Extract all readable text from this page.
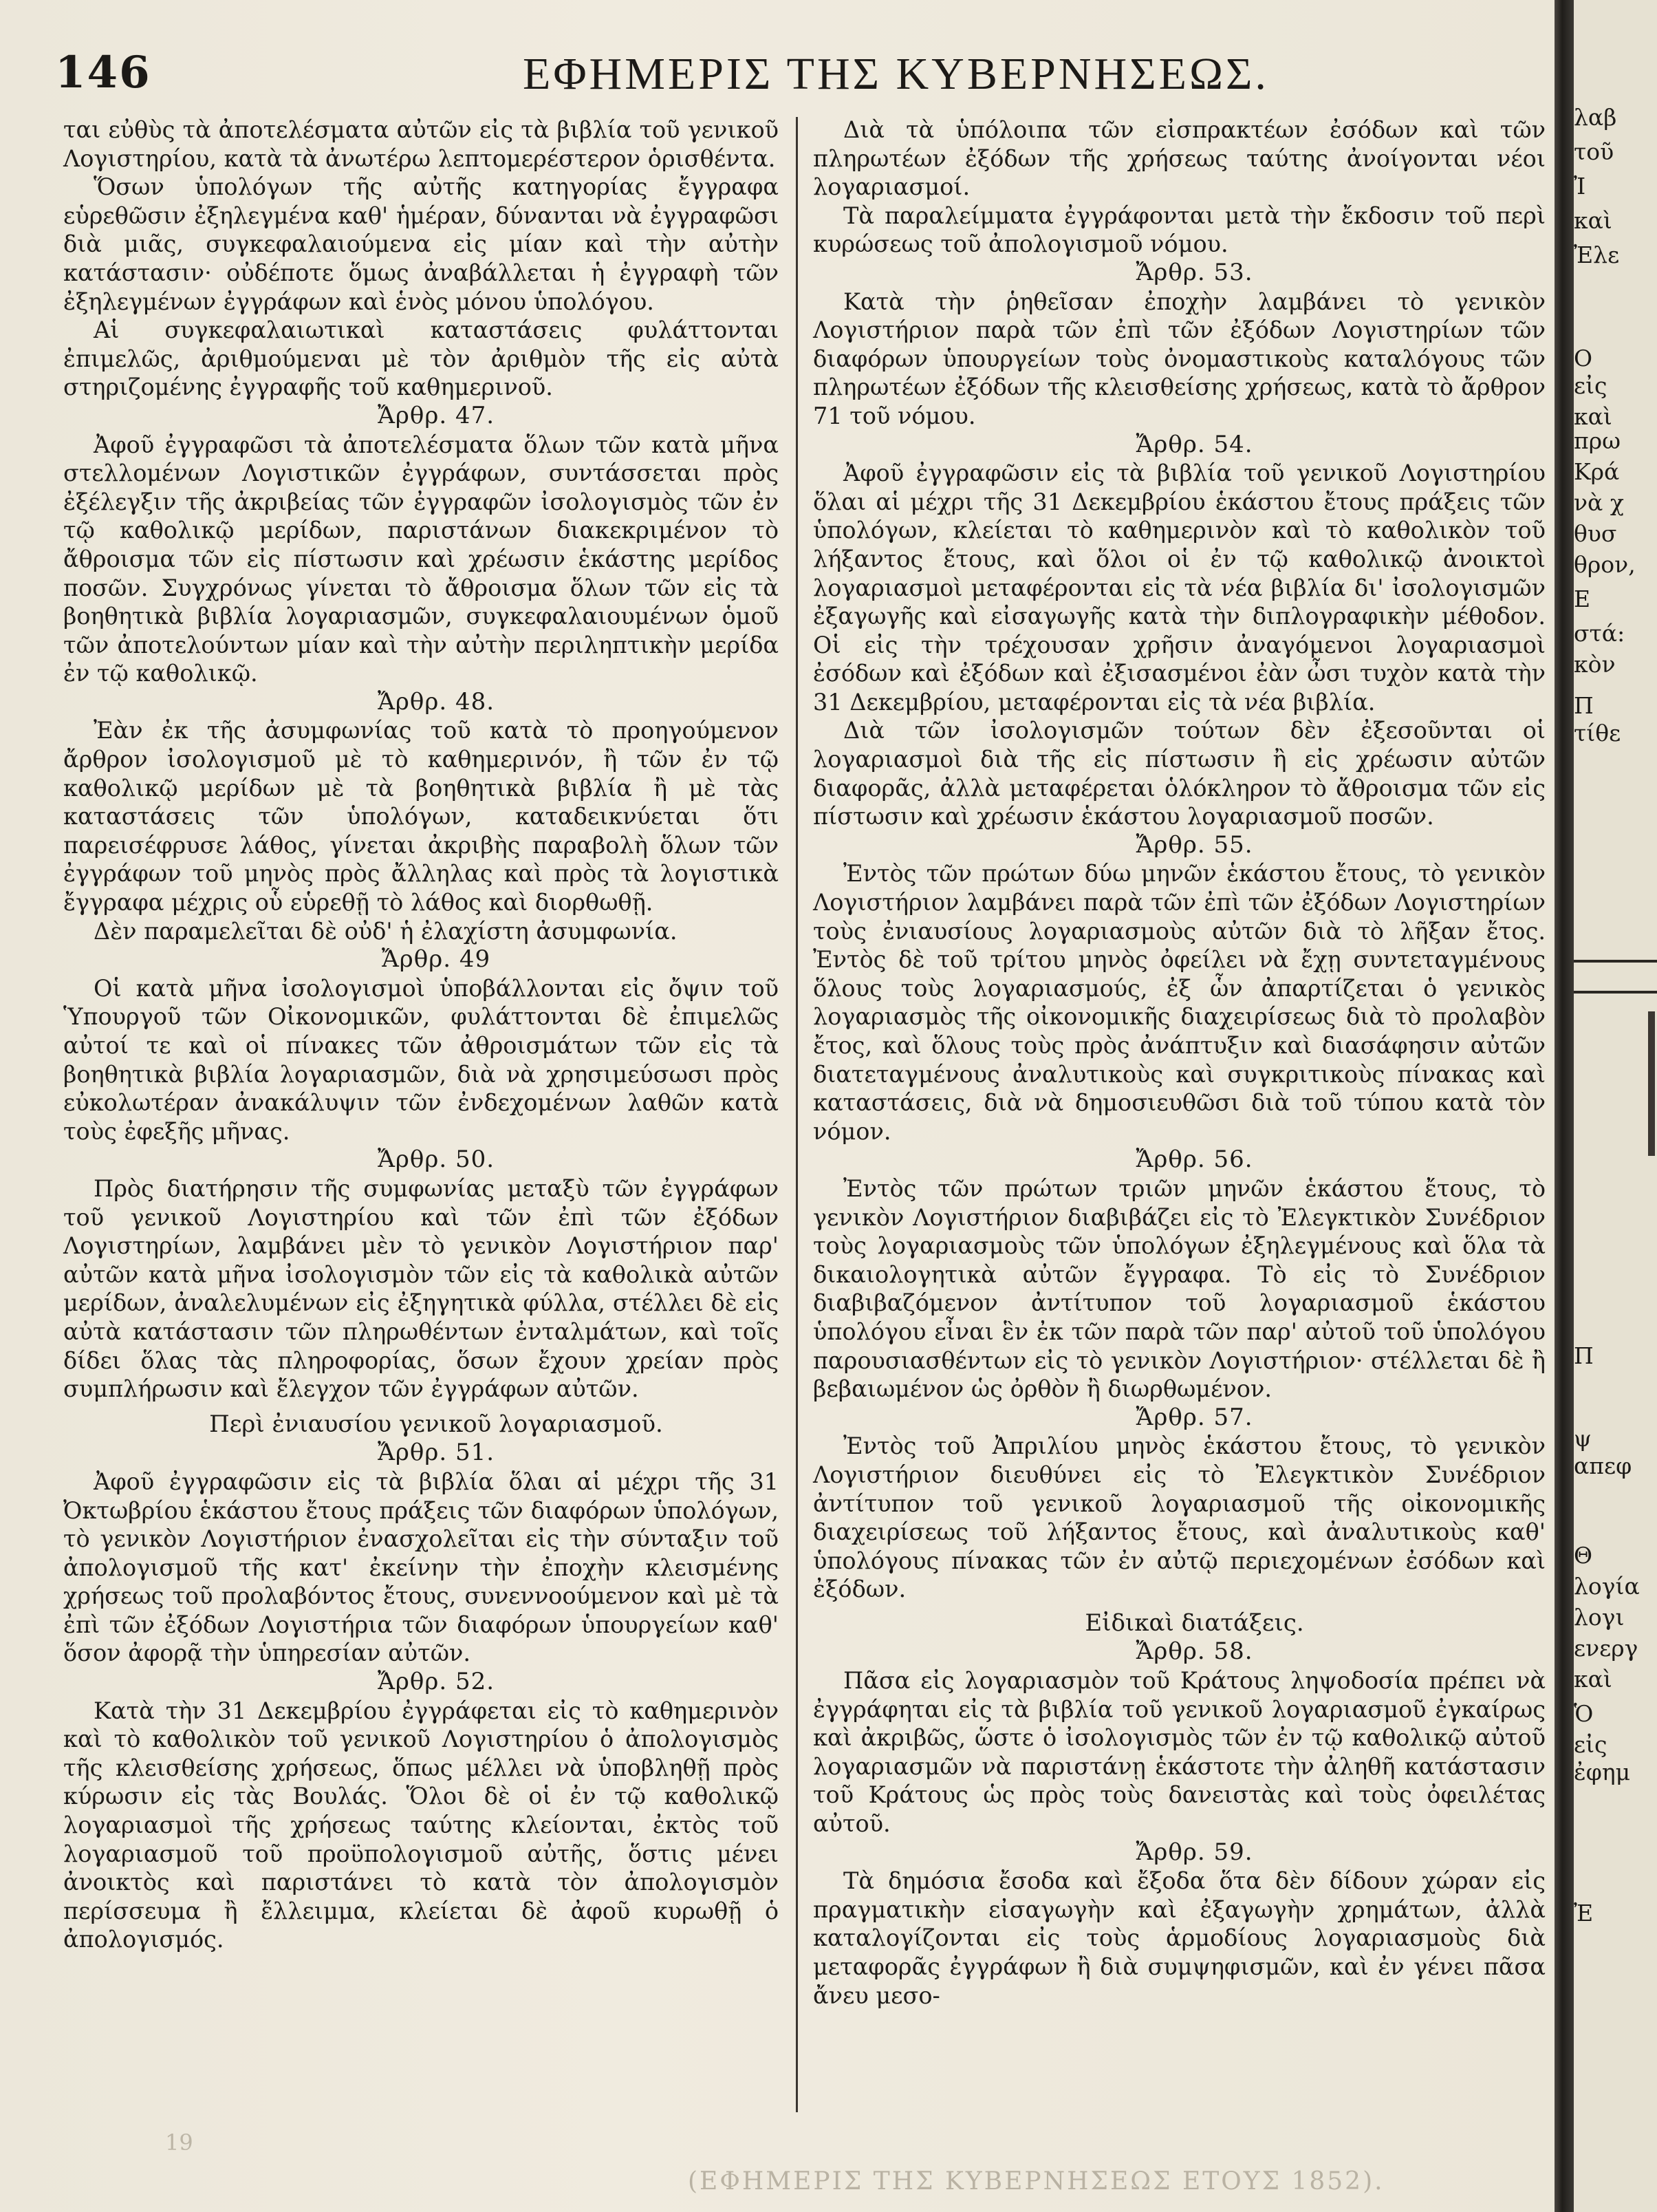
146	ΕΦΗΜΕΡΙΣ ΤΗΣ ΚΥΒΕΡΝΗΣΕΩΣ.

ται εὐθὺς τὰ ἀποτελέσματα αὐτῶν εἰς τὰ βιβλία τοῦ γενικοῦ Λογιστηρίου, κατὰ τὰ ἀνωτέρω λεπτομερέστερον ὁρισθέντα.

Ὅσων ὑπολόγων τῆς αὐτῆς κατηγορίας ἔγγραφα εὑρεθῶσιν ἐξηλεγμένα καθ' ἡμέραν, δύνανται νὰ ἐγγραφῶσι διὰ μιᾶς, συγκεφαλαιούμενα εἰς μίαν καὶ τὴν αὐτὴν κατάστασιν· οὐδέποτε ὅμως ἀναβάλλεται ἡ ἐγγραφὴ τῶν ἐξηλεγμένων ἐγγράφων καὶ ἑνὸς μόνου ὑπολόγου.

Αἱ συγκεφαλαιωτικαὶ καταστάσεις φυλάττονται ἐπιμελῶς, ἀριθμούμεναι μὲ τὸν ἀριθμὸν τῆς εἰς αὐτὰ στηριζομένης ἐγγραφῆς τοῦ καθημερινοῦ.

Ἄρθρ. 47.

Ἀφοῦ ἐγγραφῶσι τὰ ἀποτελέσματα ὅλων τῶν κατὰ μῆνα στελλομένων Λογιστικῶν ἐγγράφων, συντάσσεται πρὸς ἐξέλεγξιν τῆς ἀκριβείας τῶν ἐγγραφῶν ἰσολογισμὸς τῶν ἐν τῷ καθολικῷ μερίδων, παριστάνων διακεκριμένον τὸ ἄθροισμα τῶν εἰς πίστωσιν καὶ χρέωσιν ἑκάστης μερίδος ποσῶν. Συγχρόνως γίνεται τὸ ἄθροισμα ὅλων τῶν εἰς τὰ βοηθητικὰ βιβλία λογαριασμῶν, συγκεφαλαιουμένων ὁμοῦ τῶν ἀποτελούντων μίαν καὶ τὴν αὐτὴν περιληπτικὴν μερίδα ἐν τῷ καθολικῷ.

Ἄρθρ. 48.

Ἐὰν ἐκ τῆς ἀσυμφωνίας τοῦ κατὰ τὸ προηγούμενον ἄρθρον ἰσολογισμοῦ μὲ τὸ καθημερινόν, ἢ τῶν ἐν τῷ καθολικῷ μερίδων μὲ τὰ βοηθητικὰ βιβλία ἢ μὲ τὰς καταστάσεις τῶν ὑπολόγων, καταδεικνύεται ὅτι παρεισέφρυσε λάθος, γίνεται ἀκριβὴς παραβολὴ ὅλων τῶν ἐγγράφων τοῦ μηνὸς πρὸς ἄλληλας καὶ πρὸς τὰ λογιστικὰ ἔγγραφα μέχρις οὗ εὑρεθῇ τὸ λάθος καὶ διορθωθῇ.

Δὲν παραμελεῖται δὲ οὐδ' ἡ ἐλαχίστη ἀσυμφωνία.

Ἄρθρ. 49

Οἱ κατὰ μῆνα ἰσολογισμοὶ ὑποβάλλονται εἰς ὄψιν τοῦ Ὑπουργοῦ τῶν Οἰκονομικῶν, φυλάττονται δὲ ἐπιμελῶς αὐτοί τε καὶ οἱ πίνακες τῶν ἀθροισμάτων τῶν εἰς τὰ βοηθητικὰ βιβλία λογαριασμῶν, διὰ νὰ χρησιμεύσωσι πρὸς εὐκολωτέραν ἀνακάλυψιν τῶν ἐνδεχομένων λαθῶν κατὰ τοὺς ἐφεξῆς μῆνας.

Ἄρθρ. 50.

Πρὸς διατήρησιν τῆς συμφωνίας μεταξὺ τῶν ἐγγράφων τοῦ γενικοῦ Λογιστηρίου καὶ τῶν ἐπὶ τῶν ἐξόδων Λογιστηρίων, λαμβάνει μὲν τὸ γενικὸν Λογιστήριον παρ' αὐτῶν κατὰ μῆνα ἰσολογισμὸν τῶν εἰς τὰ καθολικὰ αὐτῶν μερίδων, ἀναλελυμένων εἰς ἐξηγητικὰ φύλλα, στέλλει δὲ εἰς αὐτὰ κατάστασιν τῶν πληρωθέντων ἐνταλμάτων, καὶ τοῖς δίδει ὅλας τὰς πληροφορίας, ὅσων ἔχουν χρείαν πρὸς συμπλήρωσιν καὶ ἔλεγχον τῶν ἐγγράφων αὐτῶν.

Περὶ ἐνιαυσίου γενικοῦ λογαριασμοῦ.

Ἄρθρ. 51.

Ἀφοῦ ἐγγραφῶσιν εἰς τὰ βιβλία ὅλαι αἱ μέχρι τῆς 31 Ὀκτωβρίου ἑκάστου ἔτους πράξεις τῶν διαφόρων ὑπολόγων, τὸ γενικὸν Λογιστήριον ἐνασχολεῖται εἰς τὴν σύνταξιν τοῦ ἀπολογισμοῦ τῆς κατ' ἐκείνην τὴν ἐποχὴν κλεισμένης χρήσεως τοῦ προλαβόντος ἔτους, συνεννοούμενον καὶ μὲ τὰ ἐπὶ τῶν ἐξόδων Λογιστήρια τῶν διαφόρων ὑπουργείων καθ' ὅσον ἀφορᾷ τὴν ὑπηρεσίαν αὐτῶν.

Ἄρθρ. 52.

Κατὰ τὴν 31 Δεκεμβρίου ἐγγράφεται εἰς τὸ καθημερινὸν καὶ τὸ καθολικὸν τοῦ γενικοῦ Λογιστηρίου ὁ ἀπολογισμὸς τῆς κλεισθείσης χρήσεως, ὅπως μέλλει νὰ ὑποβληθῇ πρὸς κύρωσιν εἰς τὰς Βουλάς. Ὅλοι δὲ οἱ ἐν τῷ καθολικῷ λογαριασμοὶ τῆς χρήσεως ταύτης κλείονται, ἐκτὸς τοῦ λογαριασμοῦ τοῦ προϋπολογισμοῦ αὐτῆς, ὅστις μένει ἀνοικτὸς καὶ παριστάνει τὸ κατὰ τὸν ἀπολογισμὸν περίσσευμα ἢ ἔλλειμμα, κλείεται δὲ ἀφοῦ κυρωθῇ ὁ ἀπολογισμός.

Διὰ τὰ ὑπόλοιπα τῶν εἰσπρακτέων ἐσόδων καὶ τῶν πληρωτέων ἐξόδων τῆς χρήσεως ταύτης ἀνοίγονται νέοι λογαριασμοί.

Τὰ παραλείμματα ἐγγράφονται μετὰ τὴν ἔκδοσιν τοῦ περὶ κυρώσεως τοῦ ἀπολογισμοῦ νόμου.

Ἄρθρ. 53.

Κατὰ τὴν ῥηθεῖσαν ἐποχὴν λαμβάνει τὸ γενικὸν Λογιστήριον παρὰ τῶν ἐπὶ τῶν ἐξόδων Λογιστηρίων τῶν διαφόρων ὑπουργείων τοὺς ὀνομαστικοὺς καταλόγους τῶν πληρωτέων ἐξόδων τῆς κλεισθείσης χρήσεως, κατὰ τὸ ἄρθρον 71 τοῦ νόμου.

Ἄρθρ. 54.

Ἀφοῦ ἐγγραφῶσιν εἰς τὰ βιβλία τοῦ γενικοῦ Λογιστηρίου ὅλαι αἱ μέχρι τῆς 31 Δεκεμβρίου ἑκάστου ἔτους πράξεις τῶν ὑπολόγων, κλείεται τὸ καθημερινὸν καὶ τὸ καθολικὸν τοῦ λήξαντος ἔτους, καὶ ὅλοι οἱ ἐν τῷ καθολικῷ ἀνοικτοὶ λογαριασμοὶ μεταφέρονται εἰς τὰ νέα βιβλία δι' ἰσολογισμῶν ἐξαγωγῆς καὶ εἰσαγωγῆς κατὰ τὴν διπλογραφικὴν μέθοδον. Οἱ εἰς τὴν τρέχουσαν χρῆσιν ἀναγόμενοι λογαριασμοὶ ἐσόδων καὶ ἐξόδων καὶ ἐξισασμένοι ἐὰν ὦσι τυχὸν κατὰ τὴν 31 Δεκεμβρίου, μεταφέρονται εἰς τὰ νέα βιβλία.

Διὰ τῶν ἰσολογισμῶν τούτων δὲν ἐξεσοῦνται οἱ λογαριασμοὶ διὰ τῆς εἰς πίστωσιν ἢ εἰς χρέωσιν αὐτῶν διαφορᾶς, ἀλλὰ μεταφέρεται ὁλόκληρον τὸ ἄθροισμα τῶν εἰς πίστωσιν καὶ χρέωσιν ἑκάστου λογαριασμοῦ ποσῶν.

Ἄρθρ. 55.

Ἐντὸς τῶν πρώτων δύω μηνῶν ἑκάστου ἔτους, τὸ γενικὸν Λογιστήριον λαμβάνει παρὰ τῶν ἐπὶ τῶν ἐξόδων Λογιστηρίων τοὺς ἐνιαυσίους λογαριασμοὺς αὐτῶν διὰ τὸ λῆξαν ἔτος. Ἐντὸς δὲ τοῦ τρίτου μηνὸς ὀφείλει νὰ ἔχῃ συντεταγμένους ὅλους τοὺς λογαριασμούς, ἐξ ὧν ἀπαρτίζεται ὁ γενικὸς λογαριασμὸς τῆς οἰκονομικῆς διαχειρίσεως διὰ τὸ προλαβὸν ἔτος, καὶ ὅλους τοὺς πρὸς ἀνάπτυξιν καὶ διασάφησιν αὐτῶν διατεταγμένους ἀναλυτικοὺς καὶ συγκριτικοὺς πίνακας καὶ καταστάσεις, διὰ νὰ δημοσιευθῶσι διὰ τοῦ τύπου κατὰ τὸν νόμον.

Ἄρθρ. 56.

Ἐντὸς τῶν πρώτων τριῶν μηνῶν ἑκάστου ἔτους, τὸ γενικὸν Λογιστήριον διαβιβάζει εἰς τὸ Ἐλεγκτικὸν Συνέδριον τοὺς λογαριασμοὺς τῶν ὑπολόγων ἐξηλεγμένους καὶ ὅλα τὰ δικαιολογητικὰ αὐτῶν ἔγγραφα. Τὸ εἰς τὸ Συνέδριον διαβιβαζόμενον ἀντίτυπον τοῦ λογαριασμοῦ ἑκάστου ὑπολόγου εἶναι ἓν ἐκ τῶν παρὰ τῶν παρ' αὐτοῦ τοῦ ὑπολόγου παρουσιασθέντων εἰς τὸ γενικὸν Λογιστήριον· στέλλεται δὲ ἢ βεβαιωμένον ὡς ὀρθὸν ἢ διωρθωμένον.

Ἄρθρ. 57.

Ἐντὸς τοῦ Ἀπριλίου μηνὸς ἑκάστου ἔτους, τὸ γενικὸν Λογιστήριον διευθύνει εἰς τὸ Ἐλεγκτικὸν Συνέδριον ἀντίτυπον τοῦ γενικοῦ λογαριασμοῦ τῆς οἰκονομικῆς διαχειρίσεως τοῦ λήξαντος ἔτους, καὶ ἀναλυτικοὺς καθ' ὑπολόγους πίνακας τῶν ἐν αὐτῷ περιεχομένων ἐσόδων καὶ ἐξόδων.

Εἰδικαὶ διατάξεις.

Ἄρθρ. 58.

Πᾶσα εἰς λογαριασμὸν τοῦ Κράτους ληψοδοσία πρέπει νὰ ἐγγράφηται εἰς τὰ βιβλία τοῦ γενικοῦ λογαριασμοῦ ἐγκαίρως καὶ ἀκριβῶς, ὥστε ὁ ἰσολογισμὸς τῶν ἐν τῷ καθολικῷ αὐτοῦ λογαριασμῶν νὰ παριστάνῃ ἑκάστοτε τὴν ἀληθῆ κατάστασιν τοῦ Κράτους ὡς πρὸς τοὺς δανειστὰς καὶ τοὺς ὀφειλέτας αὐτοῦ.

Ἄρθρ. 59.

Τὰ δημόσια ἔσοδα καὶ ἔξοδα ὅτα δὲν δίδουν χώραν εἰς πραγματικὴν εἰσαγωγὴν καὶ ἐξαγωγὴν χρημάτων, ἀλλὰ καταλογίζονται εἰς τοὺς ἁρμοδίους λογαριασμοὺς διὰ μεταφορᾶς ἐγγράφων ἢ διὰ συμψηφισμῶν, καὶ ἐν γένει πᾶσα ἄνευ μεσο-

19
(ΕΦΗΜΕΡΙΣ ΤΗΣ ΚΥΒΕΡΝΗΣΕΩΣ ΕΤΟΥΣ 1852).
λαβ
τοῦ
Ἰ
καὶ
Ἐλε
Ο
εἰς
καὶ
πρω
Κρά
νὰ χ
θυσ
θρον,
Ε
στά:
κὸν
Π
τίθε
Π
ψ
απεφ
Θ
λογία
λογι
ενεργ
καὶ
Ὁ
εἰς
ἐφημ
Ἐ
